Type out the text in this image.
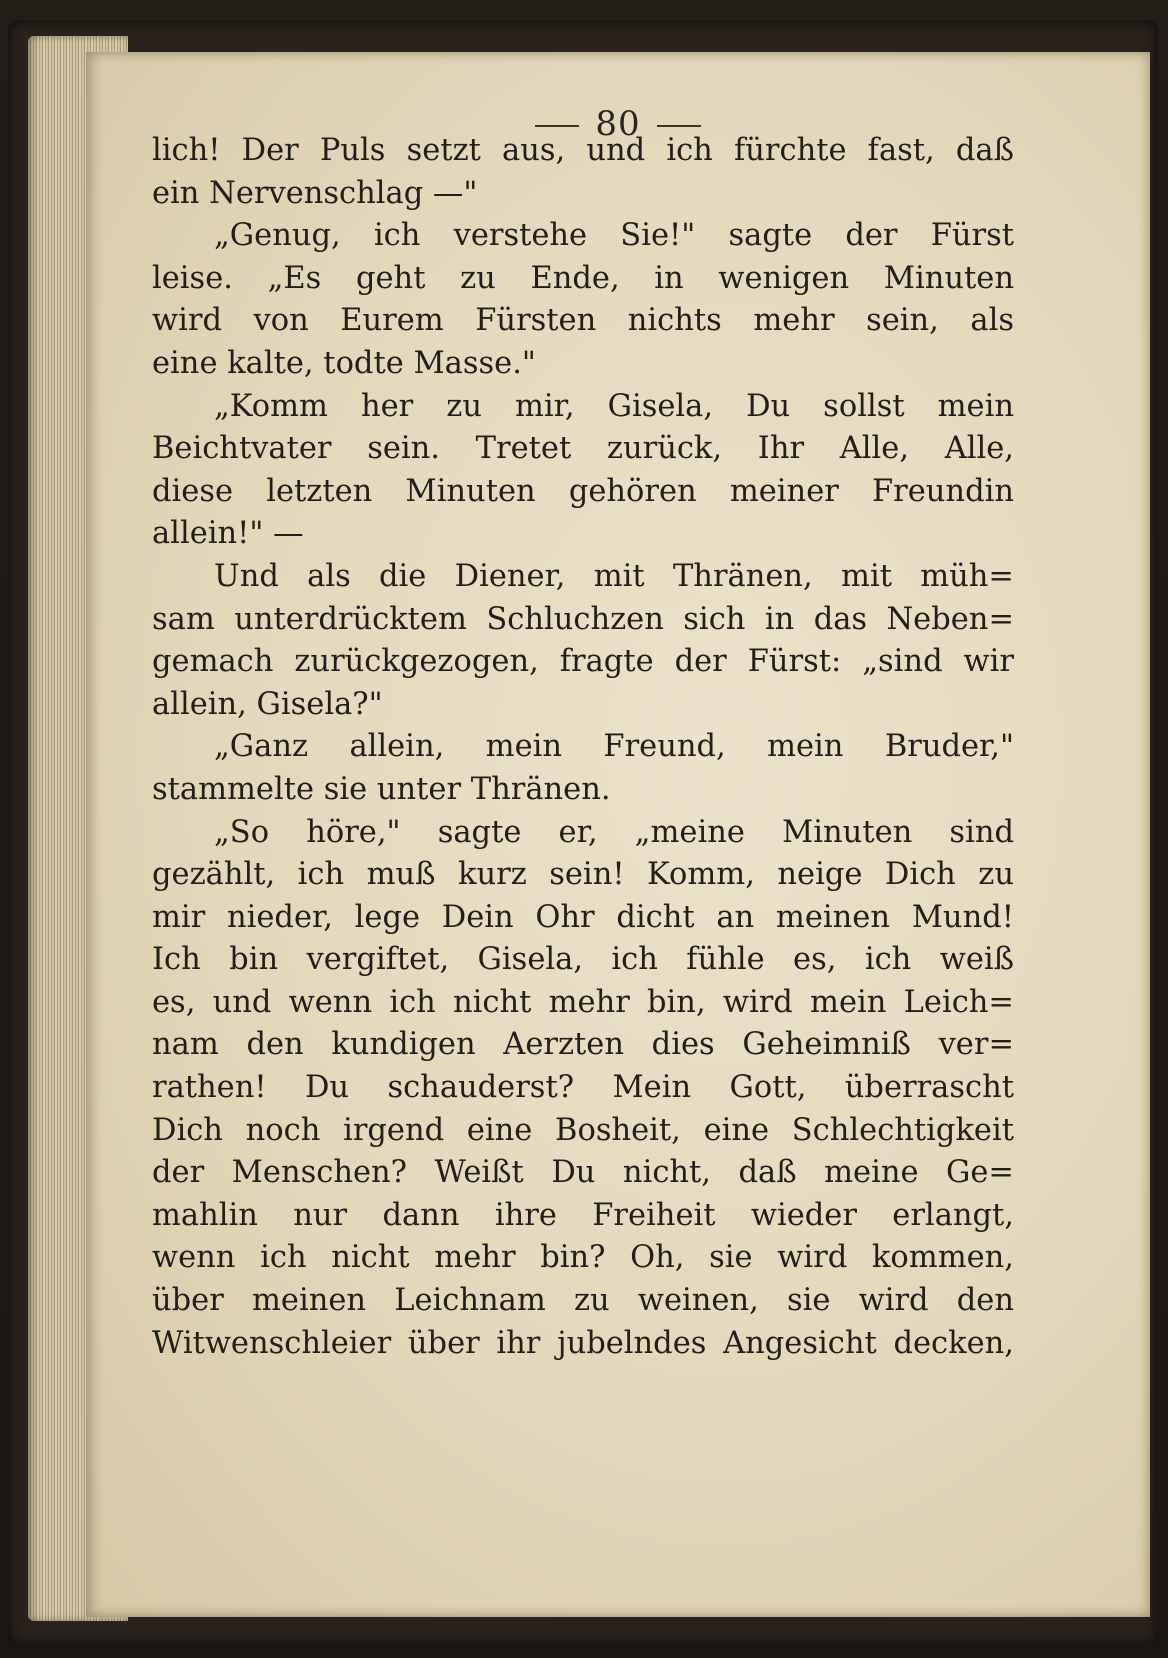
80
lich! Der Puls setzt aus, und ich fürchte fast, daß
ein Nervenschlag —"
„Genug, ich verstehe Sie!" sagte der Fürst
leise. „Es geht zu Ende, in wenigen Minuten
wird von Eurem Fürsten nichts mehr sein, als
eine kalte, todte Masse."
„Komm her zu mir, Gisela, Du sollst mein
Beichtvater sein. Tretet zurück, Ihr Alle, Alle,
diese letzten Minuten gehören meiner Freundin
allein!" —
Und als die Diener, mit Thränen, mit müh=
sam unterdrücktem Schluchzen sich in das Neben=
gemach zurückgezogen, fragte der Fürst: „sind wir
allein, Gisela?"
„Ganz allein, mein Freund, mein Bruder,"
stammelte sie unter Thränen.
„So höre," sagte er, „meine Minuten sind
gezählt, ich muß kurz sein! Komm, neige Dich zu
mir nieder, lege Dein Ohr dicht an meinen Mund!
Ich bin vergiftet, Gisela, ich fühle es, ich weiß
es, und wenn ich nicht mehr bin, wird mein Leich=
nam den kundigen Aerzten dies Geheimniß ver=
rathen! Du schauderst? Mein Gott, überrascht
Dich noch irgend eine Bosheit, eine Schlechtigkeit
der Menschen? Weißt Du nicht, daß meine Ge=
mahlin nur dann ihre Freiheit wieder erlangt,
wenn ich nicht mehr bin? Oh, sie wird kommen,
über meinen Leichnam zu weinen, sie wird den
Witwenschleier über ihr jubelndes Angesicht decken,
